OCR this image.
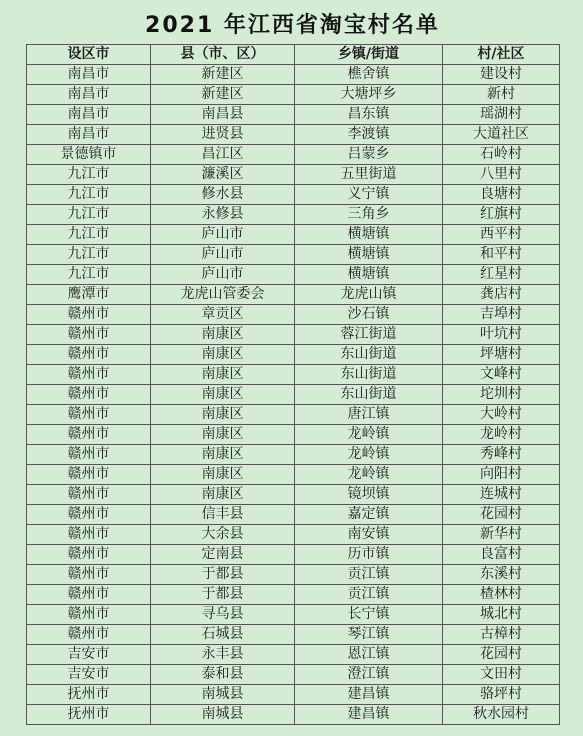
2021 年江西省淘宝村名单
设区市	县（市、区）	乡镇/街道	村/社区
南昌市	新建区	樵舍镇	建设村
南昌市	新建区	大塘坪乡	新村
南昌市	南昌县	昌东镇	瑶湖村
南昌市	进贤县	李渡镇	大道社区
景德镇市	昌江区	吕蒙乡	石岭村
九江市	濂溪区	五里街道	八里村
九江市	修水县	义宁镇	良塘村
九江市	永修县	三角乡	红旗村
九江市	庐山市	横塘镇	西平村
九江市	庐山市	横塘镇	和平村
九江市	庐山市	横塘镇	红星村
鹰潭市	龙虎山管委会	龙虎山镇	龚店村
赣州市	章贡区	沙石镇	吉埠村
赣州市	南康区	蓉江街道	叶坑村
赣州市	南康区	东山街道	坪塘村
赣州市	南康区	东山街道	文峰村
赣州市	南康区	东山街道	坨圳村
赣州市	南康区	唐江镇	大岭村
赣州市	南康区	龙岭镇	龙岭村
赣州市	南康区	龙岭镇	秀峰村
赣州市	南康区	龙岭镇	向阳村
赣州市	南康区	镜坝镇	连城村
赣州市	信丰县	嘉定镇	花园村
赣州市	大余县	南安镇	新华村
赣州市	定南县	历市镇	良富村
赣州市	于都县	贡江镇	东溪村
赣州市	于都县	贡江镇	楂林村
赣州市	寻乌县	长宁镇	城北村
赣州市	石城县	琴江镇	古樟村
吉安市	永丰县	恩江镇	花园村
吉安市	泰和县	澄江镇	文田村
抚州市	南城县	建昌镇	骆坪村
抚州市	南城县	建昌镇	秋水园村
